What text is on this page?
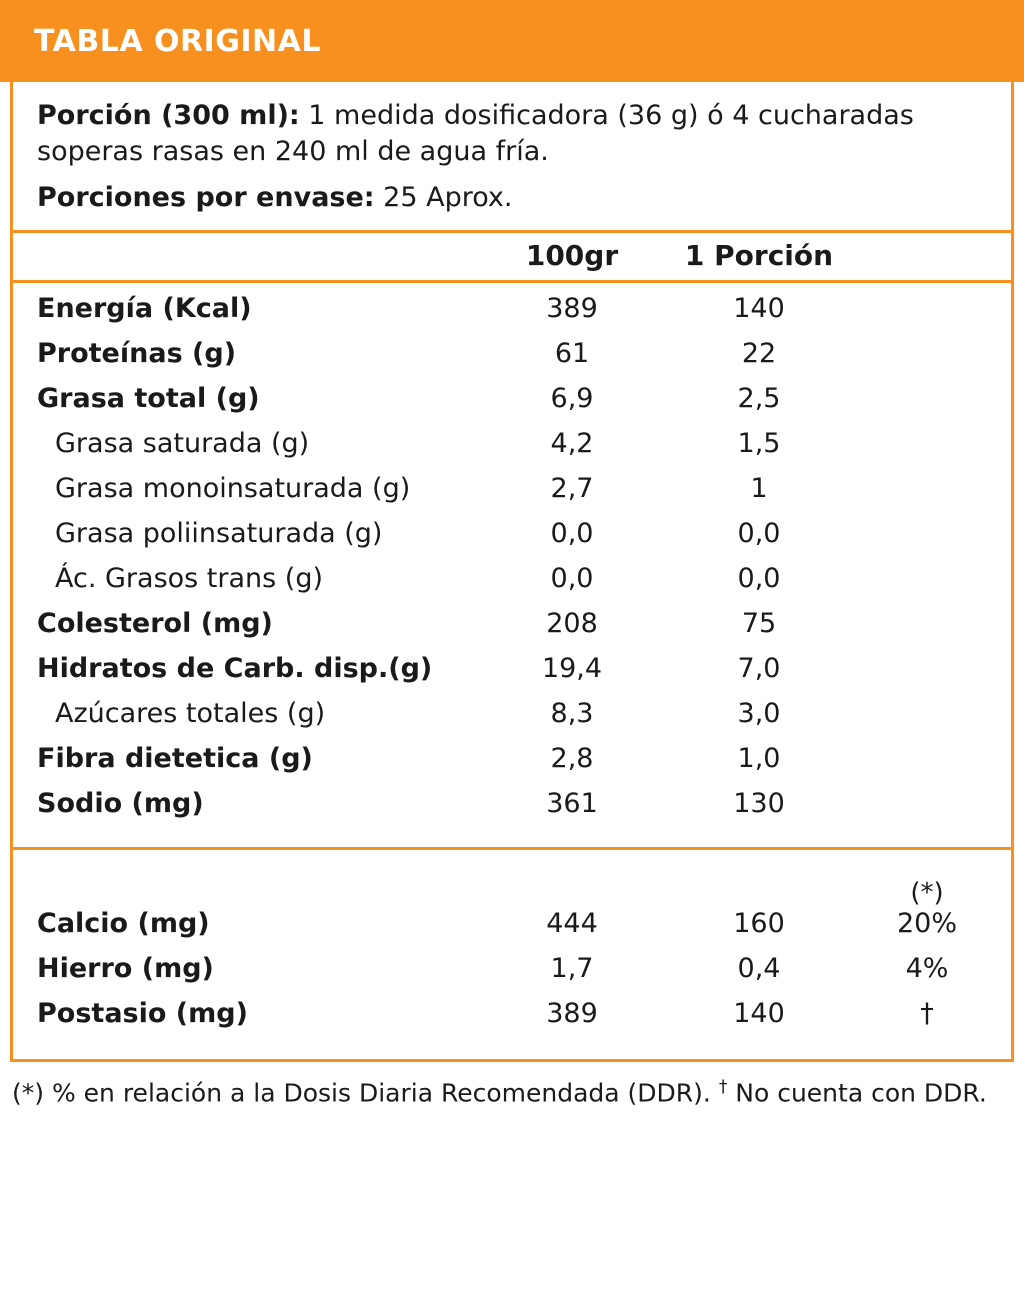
TABLA ORIGINAL
Porción (300 ml): 1 medida dosificadora (36 g) ó 4 cucharadas soperas rasas en 240 ml de agua fría.
Porciones por envase: 25 Aprox.
100gr	1 Porción
Energía (Kcal)	389	140
Proteínas (g)	61	22
Grasa total (g)	6,9	2,5
Grasa saturada (g)	4,2	1,5
Grasa monoinsaturada (g)	2,7	1
Grasa poliinsaturada (g)	0,0	0,0
Ác. Grasos trans (g)	0,0	0,0
Colesterol (mg)	208	75
Hidratos de Carb. disp.(g)	19,4	7,0
Azúcares totales (g)	8,3	3,0
Fibra dietetica (g)	2,8	1,0
Sodio (mg)	361	130
(*)
Calcio (mg)	444	160	20%
Hierro (mg)	1,7	0,4	4%
Postasio (mg)	389	140	†
(*) % en relación a la Dosis Diaria Recomendada (DDR). † No cuenta con DDR.
